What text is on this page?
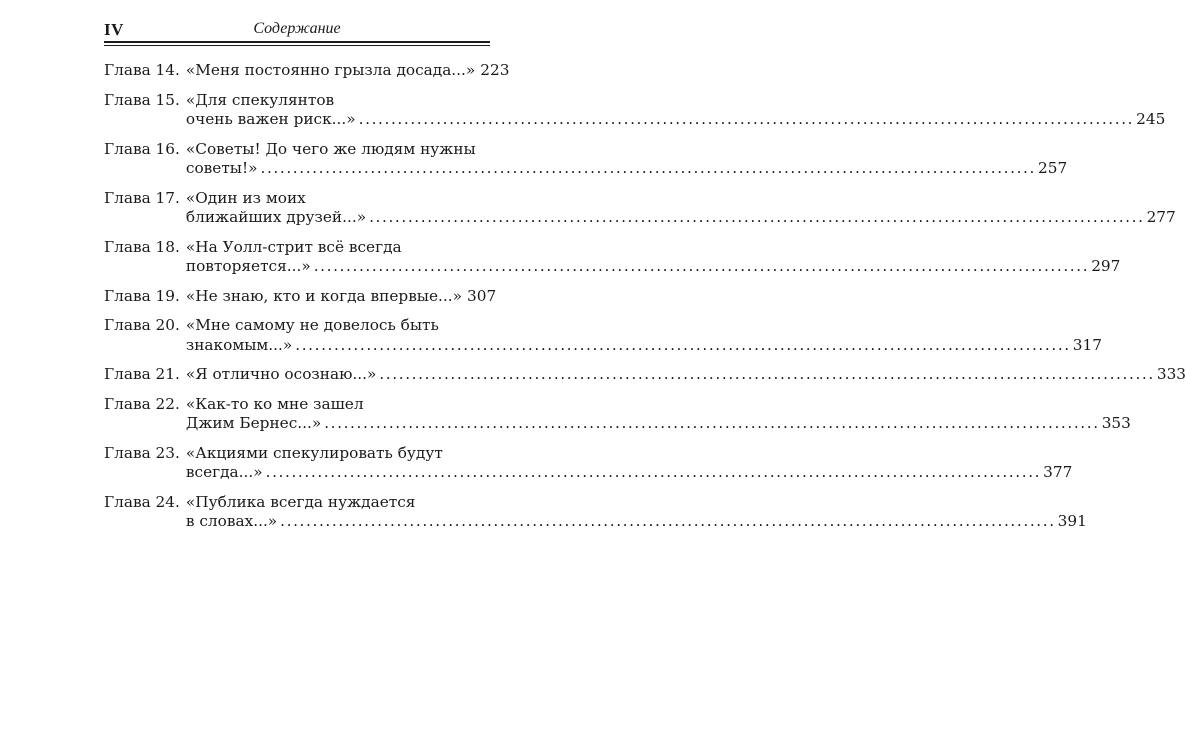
IV	Содержание
Глава 14. «Меня постоянно грызла досада...» 223
Глава 15. «Для спекулянтов
очень важен риск...» ........................................................................................................................ 245
Глава 16. «Советы! До чего же людям нужны
советы!» ........................................................................................................................ 257
Глава 17. «Один из моих
ближайших друзей...» ........................................................................................................................ 277
Глава 18. «На Уолл-стрит всё всегда
повторяется...» ........................................................................................................................ 297
Глава 19. «Не знаю, кто и когда впервые...» 307
Глава 20. «Мне самому не довелось быть
знакомым...» ........................................................................................................................ 317
Глава 21. «Я отлично осознаю...» ........................................................................................................................ 333
Глава 22. «Как-то ко мне зашел
Джим Бернес...» ........................................................................................................................ 353
Глава 23. «Акциями спекулировать будут
всегда...» ........................................................................................................................ 377
Глава 24. «Публика всегда нуждается
в словах...» ........................................................................................................................ 391
